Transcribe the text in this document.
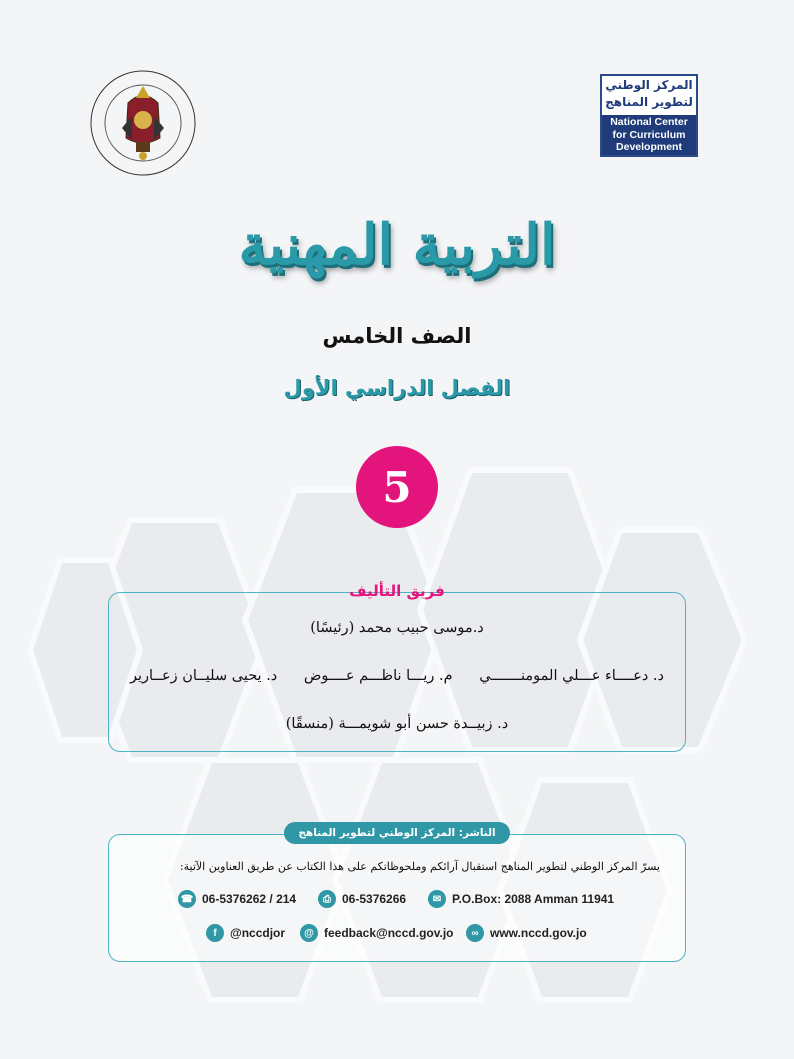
المركز الوطني
لتطوير المناهج
National Center
for Curriculum
Development
التربية المهنية
الصف الخامس
الفصل الدراسي الأول
5
فريق التأليف
د.موسى حبيب محمد (رئيسًا)
د. دعــــاء عـــلي المومنـــــــي
م. ريـــا ناظـــم عــــوض
د. يحيى سليــان زعــارير
د. زبيــدة حسن أبو شويمـــة (منسقًا)
الناشر: المركز الوطني لتطوير المناهج
يسرّ المركز الوطني لتطوير المناهج استقبال آرائكم وملحوظاتكم على هذا الكتاب عن طريق العناوين الآتية:
☎ 06-5376262 / 214	⎙ 06-5376266	✉ P.O.Box: 2088 Amman 11941
f	@nccdjor	@ feedback@nccd.gov.jo	∞ www.nccd.gov.jo
